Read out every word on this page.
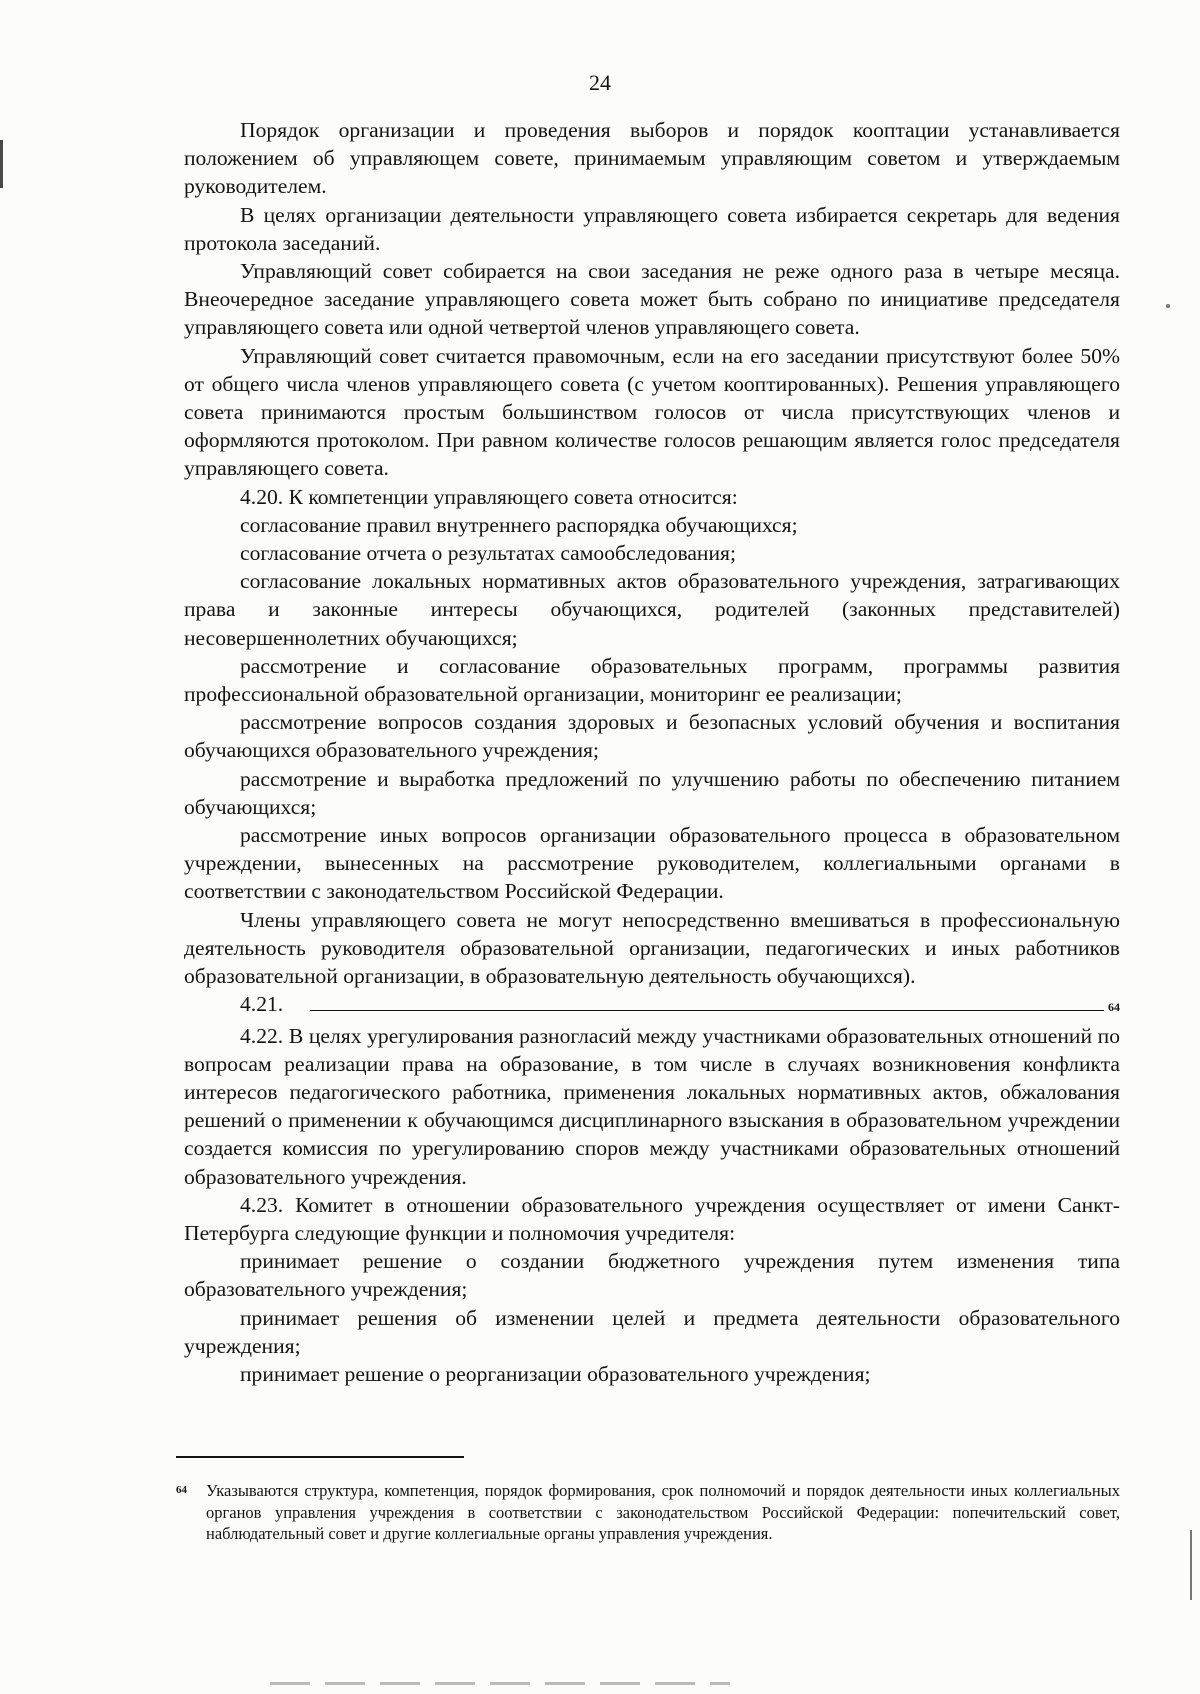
24

Порядок организации и проведения выборов и порядок кооптации устанавливается положением об управляющем совете, принимаемым управляющим советом и утверждаемым руководителем.

В целях организации деятельности управляющего совета избирается секретарь для ведения протокола заседаний.

Управляющий совет собирается на свои заседания не реже одного раза в четыре месяца. Внеочередное заседание управляющего совета может быть собрано по инициативе председателя управляющего совета или одной четвертой членов управляющего совета.

Управляющий совет считается правомочным, если на его заседании присутствуют более 50% от общего числа членов управляющего совета (с учетом кооптированных). Решения управляющего совета принимаются простым большинством голосов от числа присутствующих членов и оформляются протоколом. При равном количестве голосов решающим является голос председателя управляющего совета.

4.20. К компетенции управляющего совета относится:

согласование правил внутреннего распорядка обучающихся;

согласование отчета о результатах самообследования;

согласование локальных нормативных актов образовательного учреждения, затрагивающих права и законные интересы обучающихся, родителей (законных представителей) несовершеннолетних обучающихся;

рассмотрение и согласование образовательных программ, программы развития профессиональной образовательной организации, мониторинг ее реализации;

рассмотрение вопросов создания здоровых и безопасных условий обучения и воспитания обучающихся образовательного учреждения;

рассмотрение и выработка предложений по улучшению работы по обеспечению питанием обучающихся;

рассмотрение иных вопросов организации образовательного процесса в образовательном учреждении, вынесенных на рассмотрение руководителем, коллегиальными органами в соответствии с законодательством Российской Федерации.

Члены управляющего совета не могут непосредственно вмешиваться в профессиональную деятельность руководителя образовательной организации, педагогических и иных работников образовательной организации, в образовательную деятельность обучающихся).

4.21.	$_{64}$

4.22. В целях урегулирования разногласий между участниками образовательных отношений по вопросам реализации права на образование, в том числе в случаях возникновения конфликта интересов педагогического работника, применения локальных нормативных актов, обжалования решений о применении к обучающимся дисциплинарного взыскания в образовательном учреждении создается комиссия по урегулированию споров между участниками образовательных отношений образовательного учреждения.

4.23. Комитет в отношении образовательного учреждения осуществляет от имени Санкт-Петербурга следующие функции и полномочия учредителя:

принимает решение о создании бюджетного учреждения путем изменения типа образовательного учреждения;

принимает решения об изменении целей и предмета деятельности образовательного учреждения;

принимает решение о реорганизации образовательного учреждения;

64	Указываются структура, компетенция, порядок формирования, срок полномочий и порядок деятельности иных коллегиальных органов управления учреждения в соответствии с законодательством Российской Федерации: попечительский совет, наблюдательный совет и другие коллегиальные органы управления учреждения.
